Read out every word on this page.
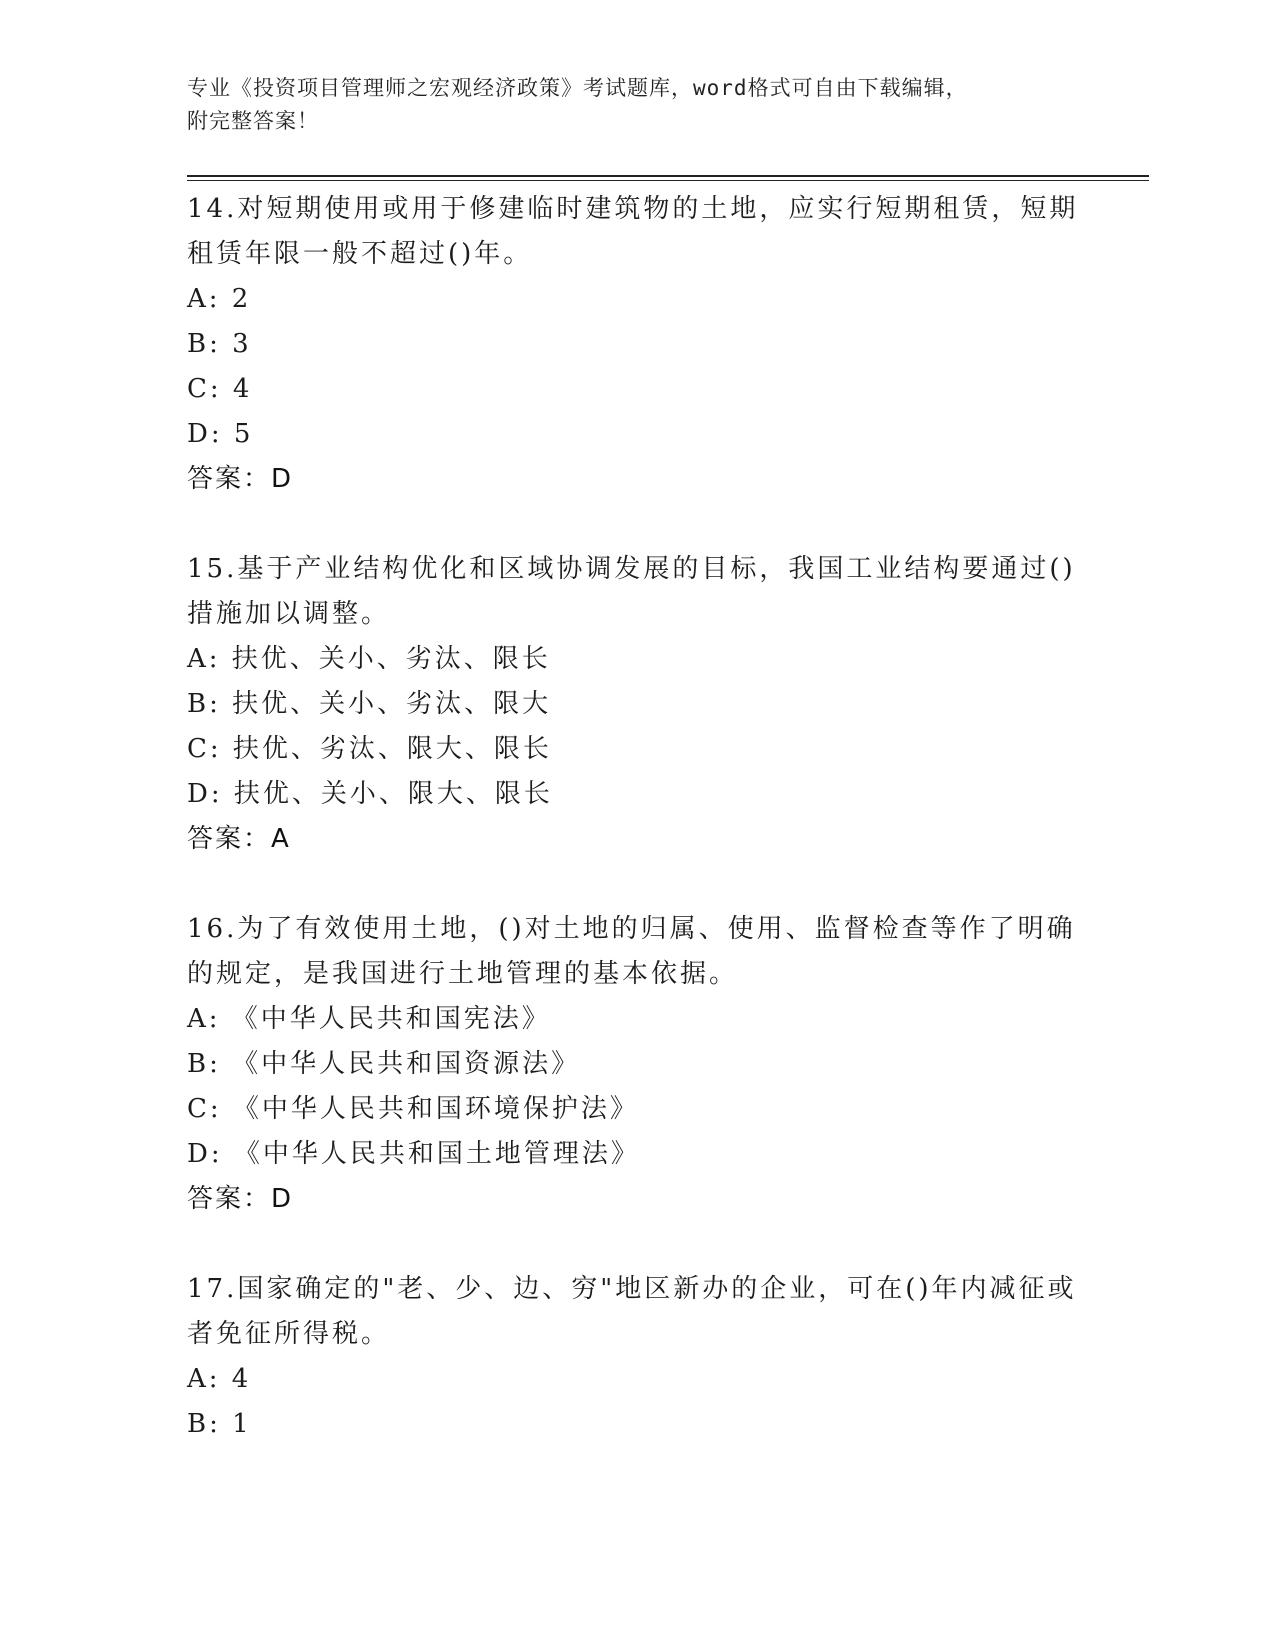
专业《投资项目管理师之宏观经济政策》考试题库，word格式可自由下载编辑，
附完整答案！

14.对短期使用或用于修建临时建筑物的土地，应实行短期租赁，短期

租赁年限一般不超过()年。

A: 2

B: 3

C: 4

D: 5

答案：D

15.基于产业结构优化和区域协调发展的目标，我国工业结构要通过()

措施加以调整。

A: 扶优、关小、劣汰、限长

B: 扶优、关小、劣汰、限大

C: 扶优、劣汰、限大、限长

D: 扶优、关小、限大、限长

答案：A

16.为了有效使用土地，()对土地的归属、使用、监督检查等作了明确

的规定，是我国进行土地管理的基本依据。

A: 《中华人民共和国宪法》

B: 《中华人民共和国资源法》

C: 《中华人民共和国环境保护法》

D: 《中华人民共和国土地管理法》

答案：D

17.国家确定的"老、少、边、穷"地区新办的企业，可在()年内减征或

者免征所得税。

A: 4

B: 1
